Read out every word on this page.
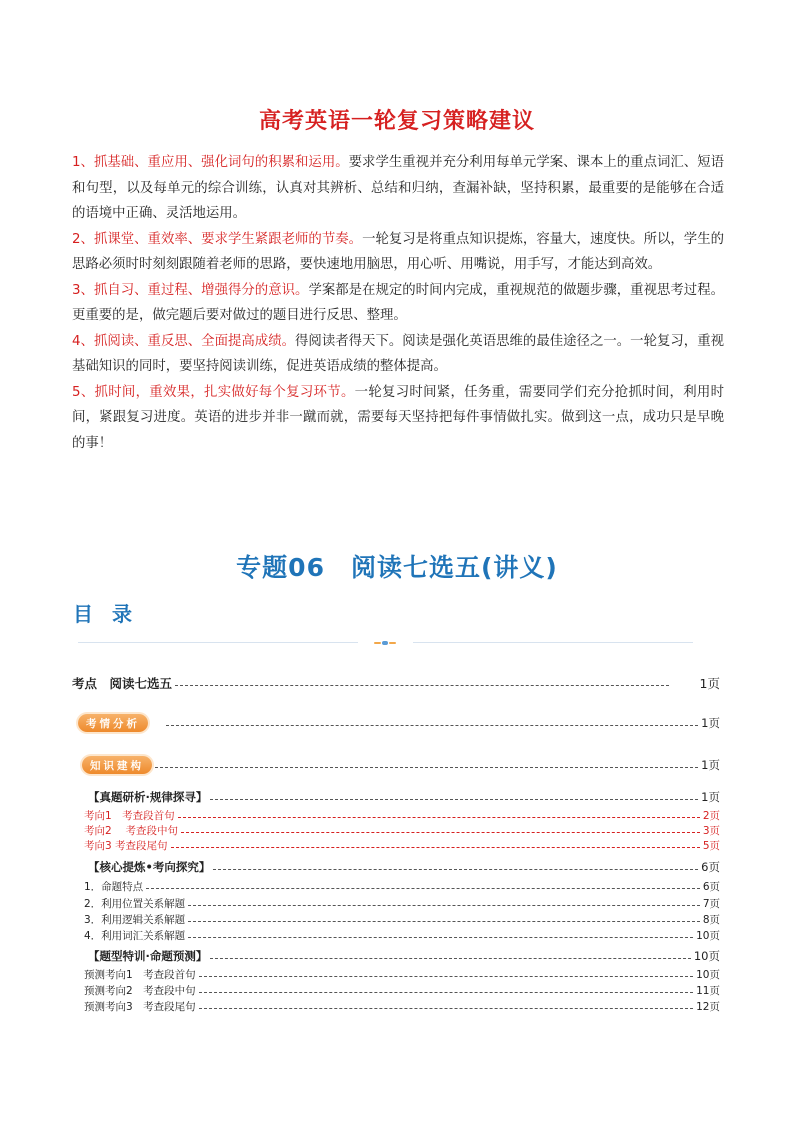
高考英语一轮复习策略建议

1、抓基础、重应用、强化词句的积累和运用。要求学生重视并充分利用每单元学案、课本上的重点词汇、短语和句型，以及每单元的综合训练，认真对其辨析、总结和归纳，查漏补缺，坚持积累，最重要的是能够在合适的语境中正确、灵活地运用。

2、抓课堂、重效率、要求学生紧跟老师的节奏。一轮复习是将重点知识提炼，容量大，速度快。所以，学生的思路必须时时刻刻跟随着老师的思路，要快速地用脑思，用心听、用嘴说，用手写，才能达到高效。

3、抓自习、重过程、增强得分的意识。学案都是在规定的时间内完成，重视规范的做题步骤，重视思考过程。更重要的是，做完题后要对做过的题目进行反思、整理。

4、抓阅读、重反思、全面提高成绩。得阅读者得天下。阅读是强化英语思维的最佳途径之一。一轮复习，重视基础知识的同时，要坚持阅读训练，促进英语成绩的整体提高。

5、抓时间，重效果，扎实做好每个复习环节。一轮复习时间紧，任务重，需要同学们充分抢抓时间，利用时间，紧跟复习进度。英语的进步并非一蹴而就，需要每天坚持把每件事情做扎实。做到这一点，成功只是早晚的事！

专题06　阅读七选五(讲义)
目 录
考点　阅读七选五	1页
考情分析	1页
知识建构	1页
【真题研析·规律探寻】	1页
考向1　考查段首句	2页
考向2　 考查段中句	3页
考向3 考查段尾句	5页
【核心提炼•考向探究】	6页
1．命题特点	6页
2．利用位置关系解题	7页
3．利用逻辑关系解题	8页
4．利用词汇关系解题	10页
【题型特训·命题预测】	10页
预测考向1　考查段首句	10页
预测考向2　考查段中句	11页
预测考向3　考查段尾句	12页
